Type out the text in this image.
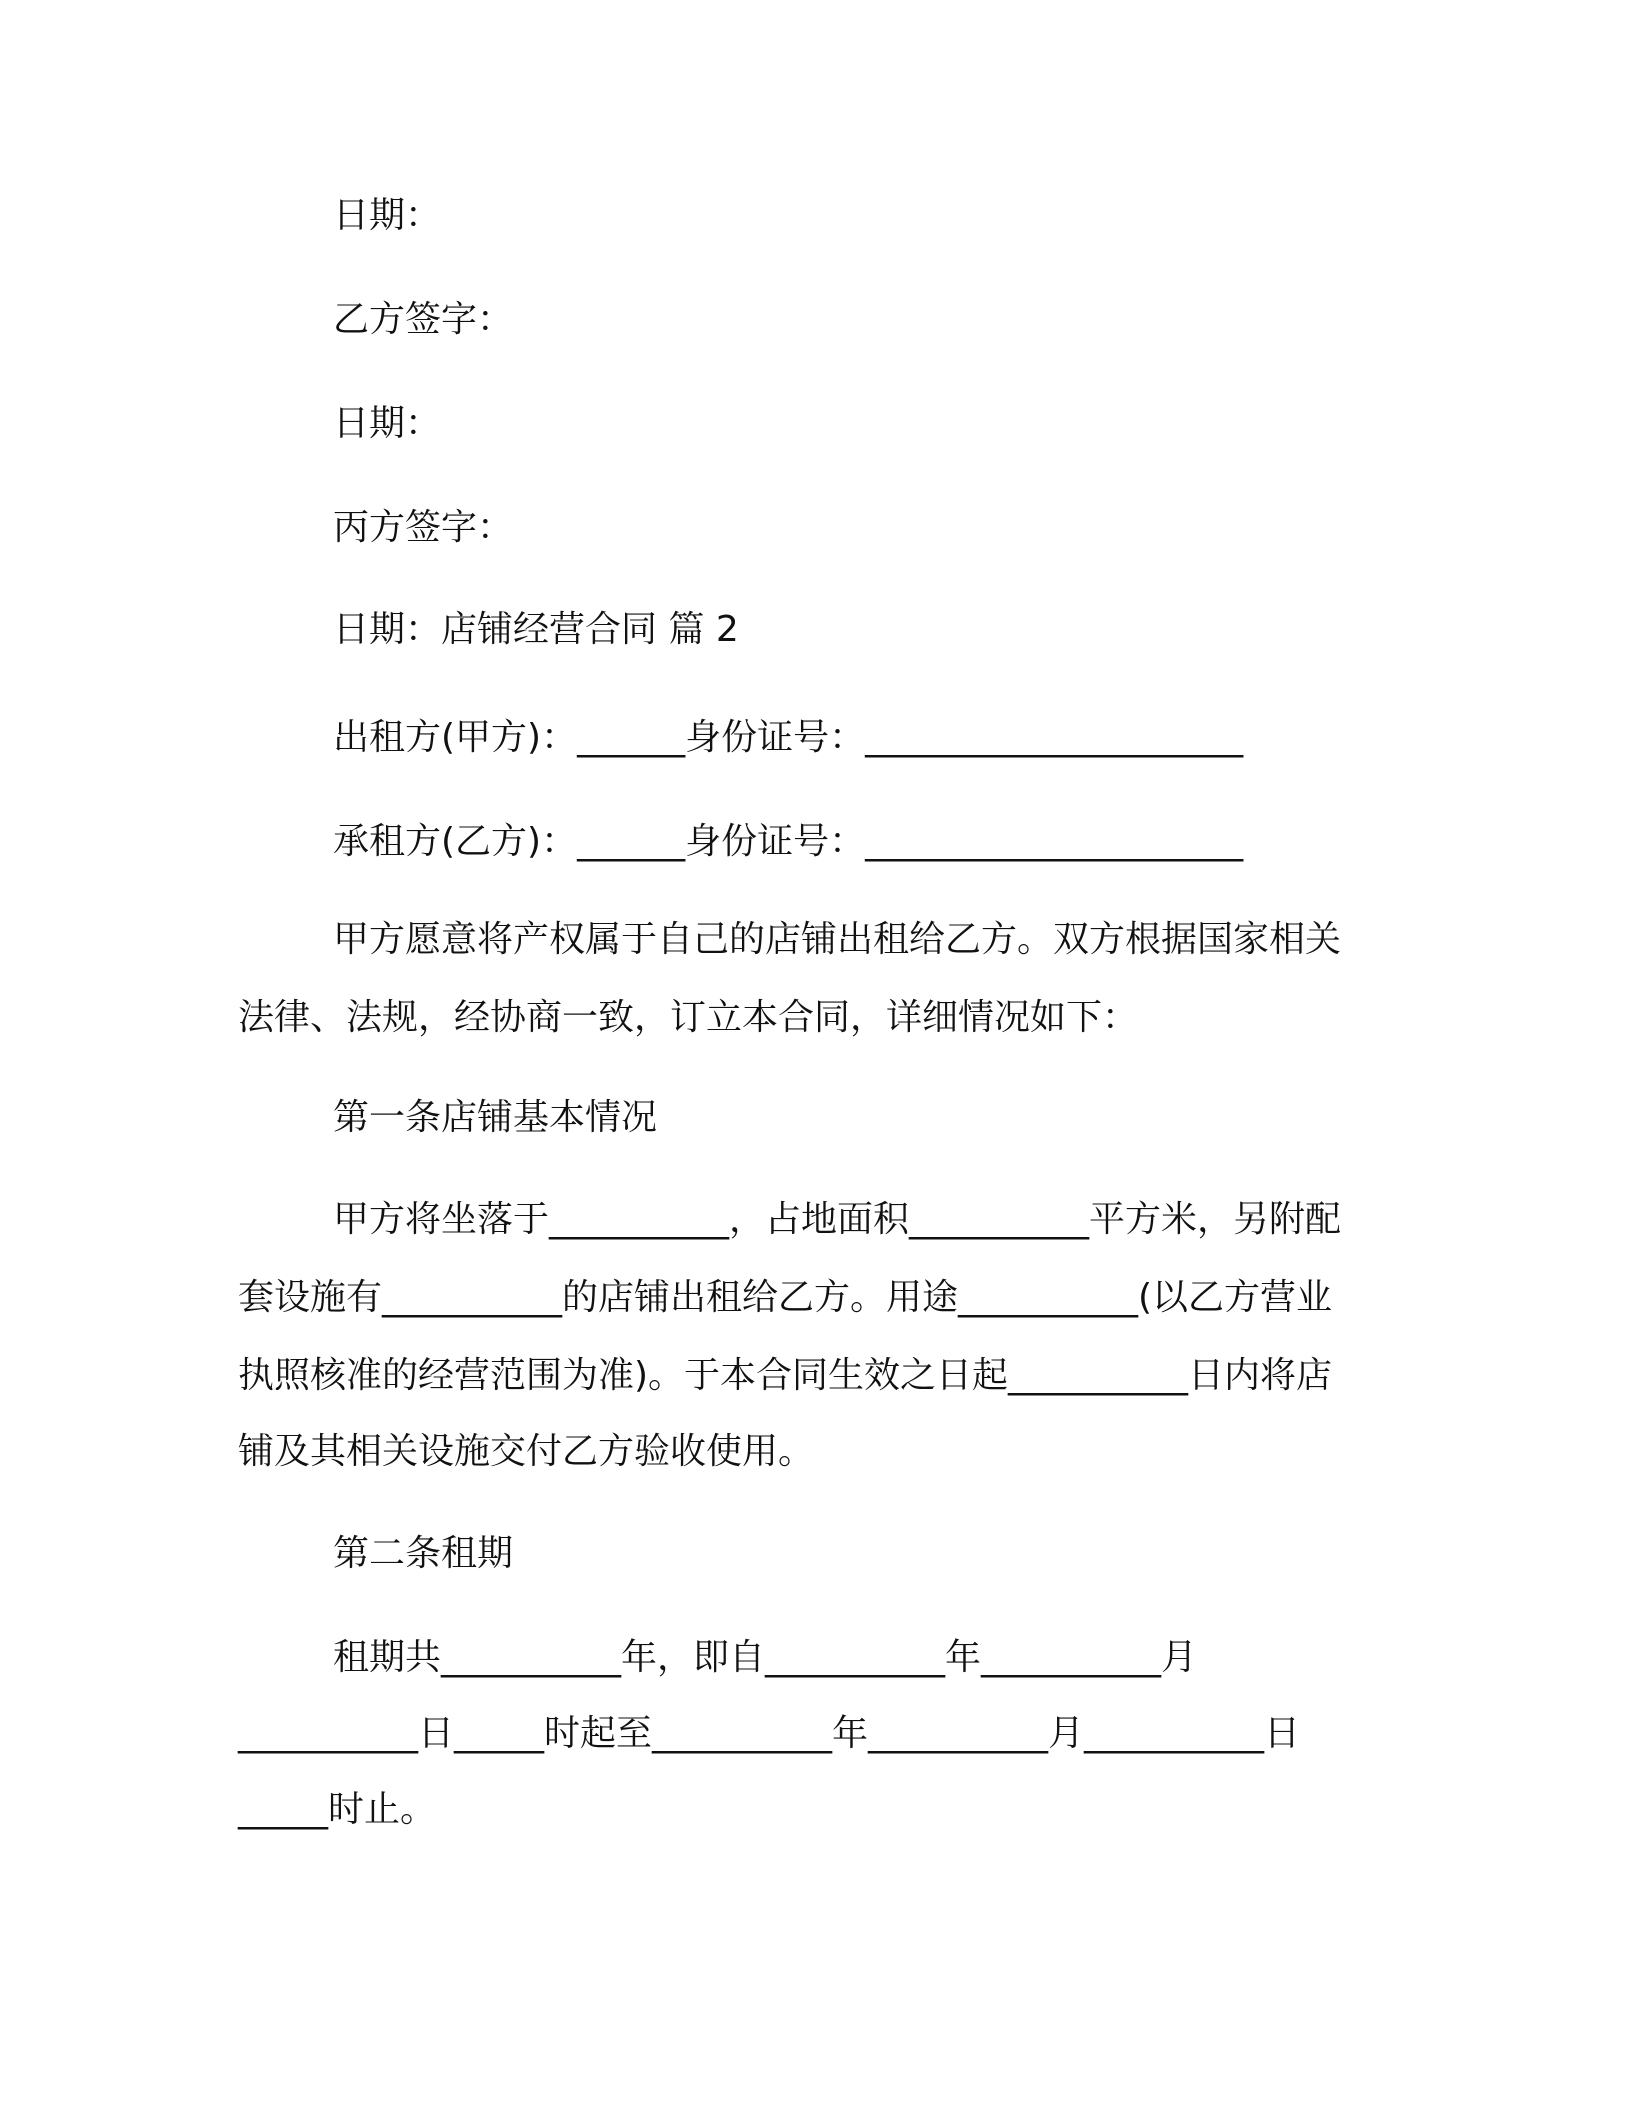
日期：
乙方签字：
日期：
丙方签字：
日期：店铺经营合同 篇 2
出租方(甲方)：______身份证号：_____________________
承租方(乙方)：______身份证号：_____________________
甲方愿意将产权属于自己的店铺出租给乙方。双方根据国家相关
法律、法规，经协商一致，订立本合同，详细情况如下：
第一条店铺基本情况
甲方将坐落于__________，占地面积__________平方米，另附配
套设施有__________的店铺出租给乙方。用途__________(以乙方营业
执照核准的经营范围为准)。于本合同生效之日起__________日内将店
铺及其相关设施交付乙方验收使用。
第二条租期
租期共__________年，即自__________年__________月
__________日_____时起至__________年__________月__________日
_____时止。
